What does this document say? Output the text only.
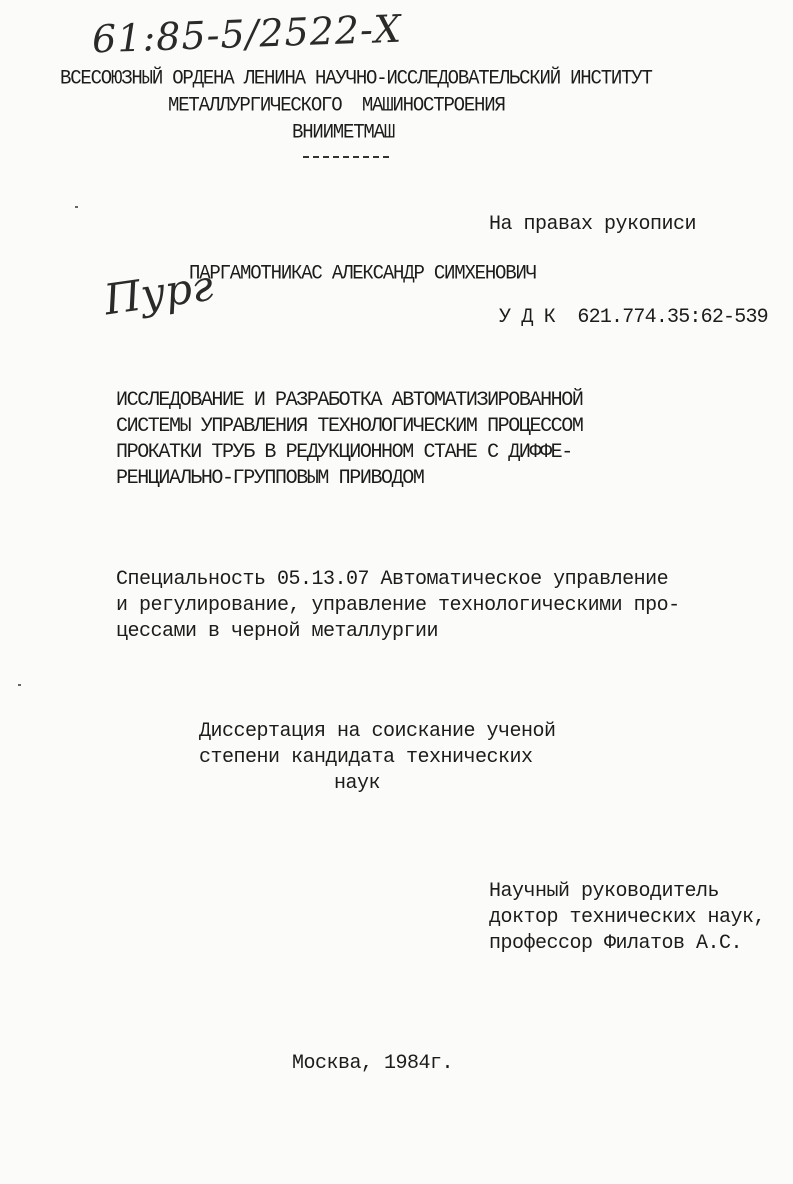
61:85-5/2522-Х
ВСЕСОЮЗНЫЙ ОРДЕНА ЛЕНИНА НАУЧНО-ИССЛЕДОВАТЕЛЬСКИЙ ИНСТИТУТ
МЕТАЛЛУРГИЧЕСКОГО  МАШИНОСТРОЕНИЯ
ВНИИМЕТМАШ
На правах рукописи
Пург
ПАРГАМОТНИКАС АЛЕКСАНДР СИМХЕНОВИЧ
У Д К  621.774.35:62-539
ИССЛЕДОВАНИЕ И РАЗРАБОТКА АВТОМАТИЗИРОВАННОЙ
СИСТЕМЫ УПРАВЛЕНИЯ ТЕХНОЛОГИЧЕСКИМ ПРОЦЕССОМ
ПРОКАТКИ ТРУБ В РЕДУКЦИОННОМ СТАНЕ С ДИФФЕ-
РЕНЦИАЛЬНО-ГРУППОВЫМ ПРИВОДОМ
Специальность 05.13.07 Автоматическое управление
и регулирование, управление технологическими про-
цессами в черной металлургии
Диссертация на соискание ученой
степени кандидата технических
наук
Научный руководитель
доктор технических наук,
профессор Филатов А.С.
Москва, 1984г.
